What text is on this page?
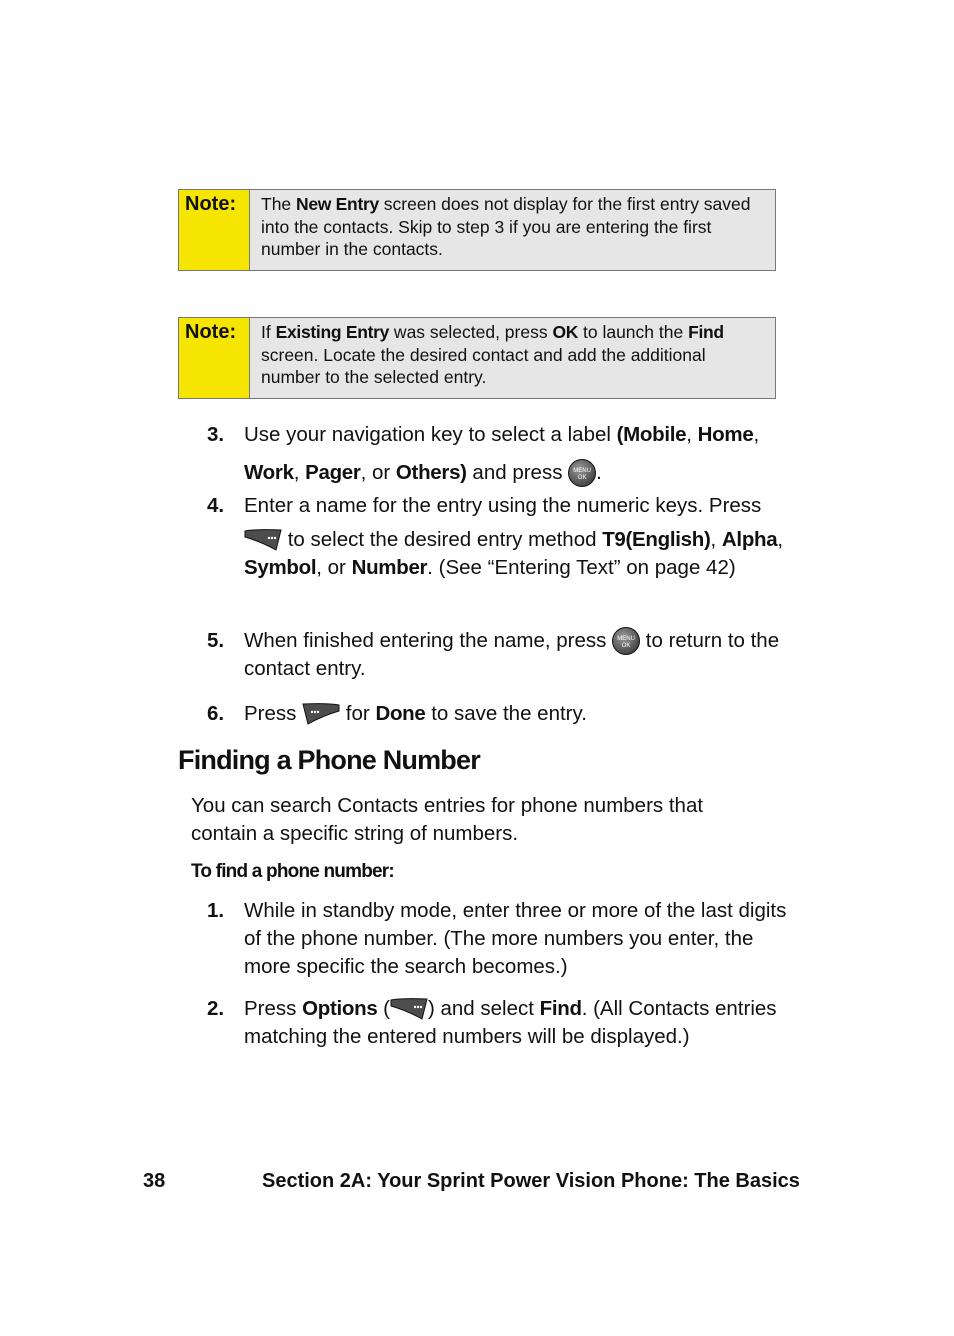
Note:	The New Entry screen does not display for the first entry saved into the contacts. Skip to step 3 if you are entering the first number in the contacts.
Note:	If Existing Entry was selected, press OK to launch the Find screen. Locate the desired contact and add the additional number to the selected entry.
3. Use your navigation key to select a label (Mobile, Home, Work, Pager, or Others) and press MENU
OK .
4. Enter a name for the entry using the numeric keys. Press
to select the desired entry method T9(English), Alpha, Symbol, or Number. (See “Entering Text” on page 42)
5. When finished entering the name, press MENU
OK to return to the contact entry.
6. Press
for Done to save the entry.
Finding a Phone Number
You can search Contacts entries for phone numbers that contain a specific string of numbers.
To find a phone number:
1. While in standby mode, enter three or more of the last digits of the phone number. (The more numbers you enter, the more specific the search becomes.)
2. Press Options ( ) and select Find. (All Contacts entries matching the entered numbers will be displayed.)
38	Section 2A: Your Sprint Power Vision Phone: The Basics
